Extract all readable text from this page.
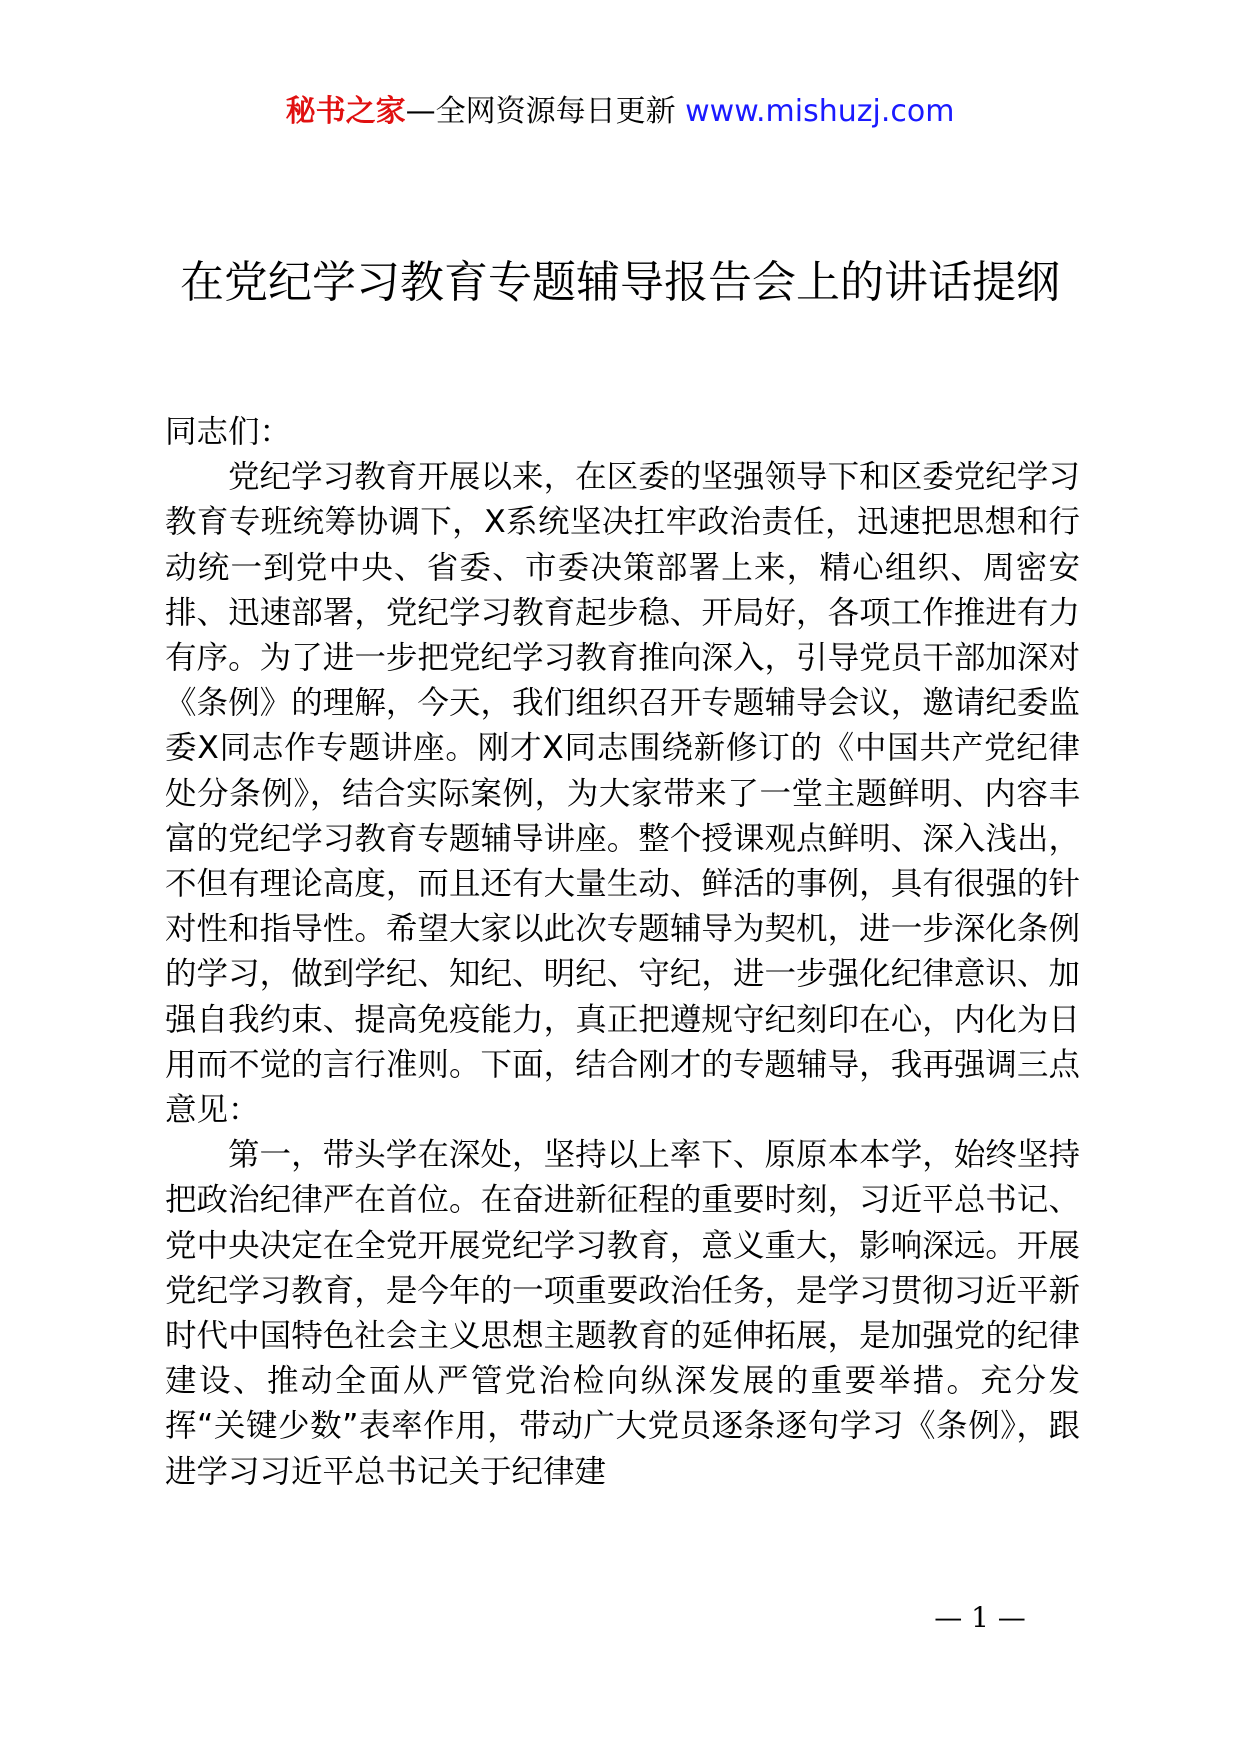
秘书之家—全网资源每日更新 www.mishuzj.com
在党纪学习教育专题辅导报告会上的讲话提纲

同志们：

党纪学习教育开展以来，在区委的坚强领导下和区委党纪学习教育专班统筹协调下，X系统坚决扛牢政治责任，迅速把思想和行动统一到党中央、省委、市委决策部署上来，精心组织、周密安排、迅速部署，党纪学习教育起步稳、开局好，各项工作推进有力有序。为了进一步把党纪学习教育推向深入，引导党员干部加深对《条例》的理解，今天，我们组织召开专题辅导会议，邀请纪委监委X同志作专题讲座。刚才X同志围绕新修订的《中国共产党纪律处分条例》，结合实际案例，为大家带来了一堂主题鲜明、内容丰富的党纪学习教育专题辅导讲座。整个授课观点鲜明、深入浅出，不但有理论高度，而且还有大量生动、鲜活的事例，具有很强的针对性和指导性。希望大家以此次专题辅导为契机，进一步深化条例的学习，做到学纪、知纪、明纪、守纪，进一步强化纪律意识、加强自我约束、提高免疫能力，真正把遵规守纪刻印在心，内化为日用而不觉的言行准则。下面，结合刚才的专题辅导，我再强调三点意见：

第一，带头学在深处，坚持以上率下、原原本本学，始终坚持把政治纪律严在首位。在奋进新征程的重要时刻，习近平总书记、党中央决定在全党开展党纪学习教育，意义重大，影响深远。开展党纪学习教育，是今年的一项重要政治任务，是学习贯彻习近平新时代中国特色社会主义思想主题教育的延伸拓展，是加强党的纪律建设、推动全面从严管党治检向纵深发展的重要举措。充分发挥“关键少数”表率作用，带动广大党员逐条逐句学习《条例》，跟进学习习近平总书记关于纪律建

— 1 —
